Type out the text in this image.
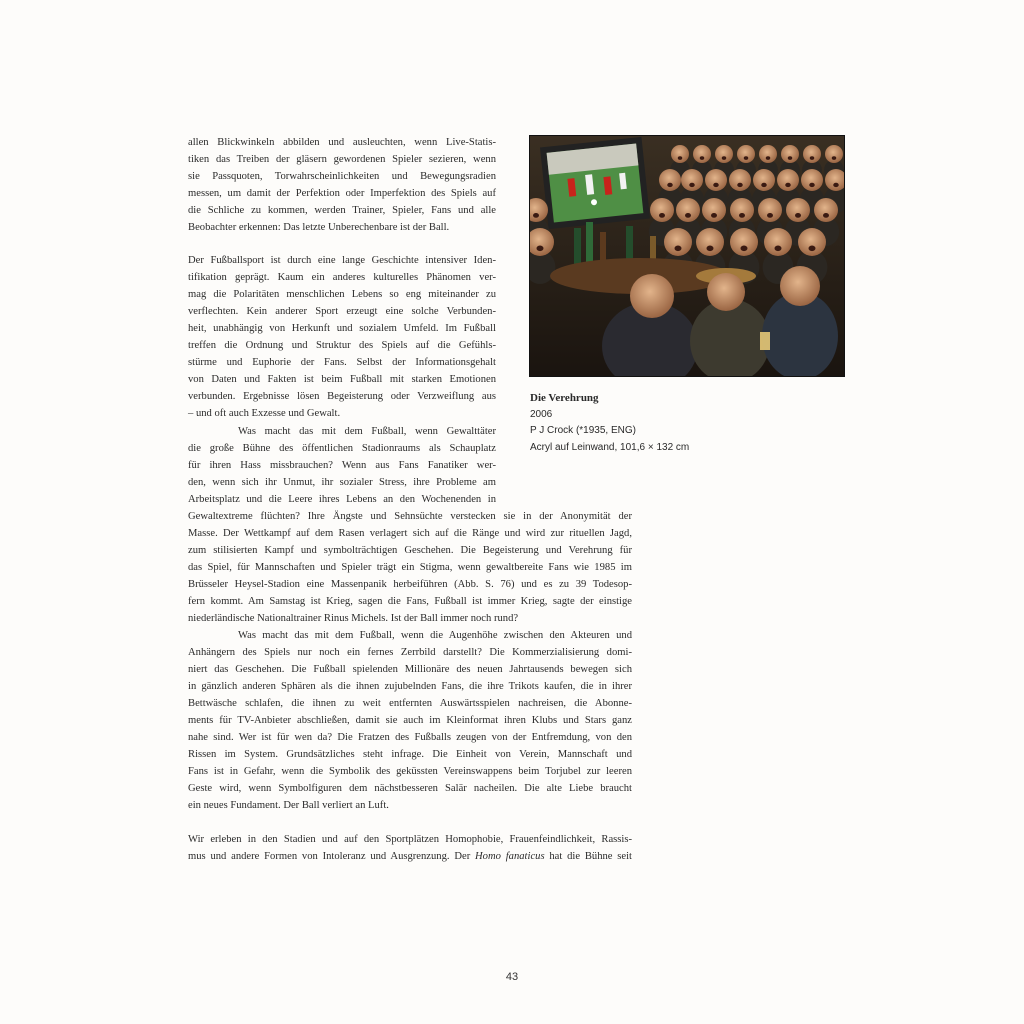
allen Blickwinkeln abbilden und ausleuchten, wenn Live-Statis-
tiken das Treiben der gläsern gewordenen Spieler sezieren, wenn
sie Passquoten, Torwahrscheinlichkeiten und Bewegungsradien
messen, um damit der Perfektion oder Imperfektion des Spiels auf
die Schliche zu kommen, werden Trainer, Spieler, Fans und alle
Beobachter erkennen: Das letzte Unberechenbare ist der Ball.

Der Fußballsport ist durch eine lange Geschichte intensiver Iden-
tifikation geprägt. Kaum ein anderes kulturelles Phänomen ver-
mag die Polaritäten menschlichen Lebens so eng miteinander zu
verflechten. Kein anderer Sport erzeugt eine solche Verbunden-
heit, unabhängig von Herkunft und sozialem Umfeld. Im Fußball
treffen die Ordnung und Struktur des Spiels auf die Gefühls-
stürme und Euphorie der Fans. Selbst der Informationsgehalt
von Daten und Fakten ist beim Fußball mit starken Emotionen
verbunden. Ergebnisse lösen Begeisterung oder Verzweiflung aus
– und oft auch Exzesse und Gewalt.

Was macht das mit dem Fußball, wenn Gewalttäter
die große Bühne des öffentlichen Stadionraums als Schauplatz
für ihren Hass missbrauchen? Wenn aus Fans Fanatiker wer-
den, wenn sich ihr Unmut, ihr sozialer Stress, ihre Probleme am
Arbeitsplatz und die Leere ihres Lebens an den Wochenenden in

Gewaltextreme flüchten? Ihre Ängste und Sehnsüchte verstecken sie in der Anonymität der
Masse. Der Wettkampf auf dem Rasen verlagert sich auf die Ränge und wird zur rituellen Jagd,
zum stilisierten Kampf und symbolträchtigen Geschehen. Die Begeisterung und Verehrung für
das Spiel, für Mannschaften und Spieler trägt ein Stigma, wenn gewaltbereite Fans wie 1985 im
Brüsseler Heysel-Stadion eine Massenpanik herbeiführen (Abb. S. 76) und es zu 39 Todesop-
fern kommt. Am Samstag ist Krieg, sagen die Fans, Fußball ist immer Krieg, sagte der einstige
niederländische Nationaltrainer Rinus Michels. Ist der Ball immer noch rund?

Was macht das mit dem Fußball, wenn die Augenhöhe zwischen den Akteuren und
Anhängern des Spiels nur noch ein fernes Zerrbild darstellt? Die Kommerzialisierung domi-
niert das Geschehen. Die Fußball spielenden Millionäre des neuen Jahrtausends bewegen sich
in gänzlich anderen Sphären als die ihnen zujubelnden Fans, die ihre Trikots kaufen, die in ihrer
Bettwäsche schlafen, die ihnen zu weit entfernten Auswärtsspielen nachreisen, die Abonne-
ments für TV-Anbieter abschließen, damit sie auch im Kleinformat ihren Klubs und Stars ganz
nahe sind. Wer ist für wen da? Die Fratzen des Fußballs zeugen von der Entfremdung, von den
Rissen im System. Grundsätzliches steht infrage. Die Einheit von Verein, Mannschaft und
Fans ist in Gefahr, wenn die Symbolik des geküssten Vereinswappens beim Torjubel zur leeren
Geste wird, wenn Symbolfiguren dem nächstbesseren Salär nacheilen. Die alte Liebe braucht
ein neues Fundament. Der Ball verliert an Luft.

Wir erleben in den Stadien und auf den Sportplätzen Homophobie, Frauenfeindlichkeit, Rassis-
mus und andere Formen von Intoleranz und Ausgrenzung. Der Homo fanaticus hat die Bühne seit

Die Verehrung
2006
P J Crock (*1935, ENG)
Acryl auf Leinwand, 101,6 × 132 cm
43
